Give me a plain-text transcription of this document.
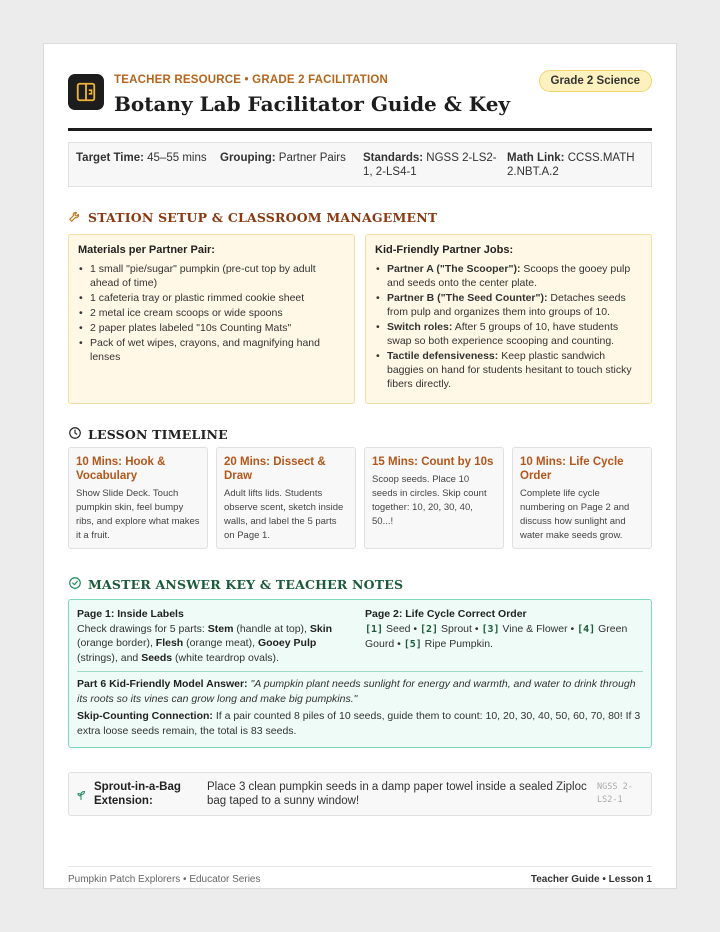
TEACHER RESOURCE • GRADE 2 FACILITATION
Botany Lab Facilitator Guide & Key
Grade 2 Science
Target Time: 45–55 mins	Grouping: Partner Pairs	Standards: NGSS 2-LS2-1, 2-LS4-1
Math Link: CCSS.MATH 2.NBT.A.2
STATION SETUP & CLASSROOM MANAGEMENT
Materials per Partner Pair:
• 1 small "pie/sugar" pumpkin (pre-cut top by adult ahead of time)
• 1 cafeteria tray or plastic rimmed cookie sheet
• 2 metal ice cream scoops or wide spoons
• 2 paper plates labeled "10s Counting Mats"
• Pack of wet wipes, crayons, and magnifying hand lenses
Kid-Friendly Partner Jobs:
• Partner A ("The Scooper"): Scoops the gooey pulp and seeds onto the center plate.
• Partner B ("The Seed Counter"): Detaches seeds from pulp and organizes them into groups of 10.
• Switch roles: After 5 groups of 10, have students swap so both experience scooping and counting.
• Tactile defensiveness: Keep plastic sandwich baggies on hand for students hesitant to touch sticky fibers directly.
LESSON TIMELINE
10 Mins: Hook & Vocabulary
Show Slide Deck. Touch pumpkin skin, feel bumpy ribs, and explore what makes it a fruit.
20 Mins: Dissect & Draw
Adult lifts lids. Students observe scent, sketch inside walls, and label the 5 parts on Page 1.
15 Mins: Count by 10s
Scoop seeds. Place 10 seeds in circles. Skip count together: 10, 20, 30, 40, 50...!
10 Mins: Life Cycle Order
Complete life cycle numbering on Page 2 and discuss how sunlight and water make seeds grow.
MASTER ANSWER KEY & TEACHER NOTES
Page 1: Inside Labels
Check drawings for 5 parts: Stem (handle at top), Skin (orange border), Flesh (orange meat), Gooey Pulp (strings), and Seeds (white teardrop ovals).
Page 2: Life Cycle Correct Order
[1] Seed • [2] Sprout • [3] Vine & Flower • [4] Green Gourd • [5] Ripe Pumpkin.
Part 6 Kid-Friendly Model Answer: "A pumpkin plant needs sunlight for energy and warmth, and water to drink through its roots so its vines can grow long and make big pumpkins."
Skip-Counting Connection: If a pair counted 8 piles of 10 seeds, guide them to count: 10, 20, 30, 40, 50, 60, 70, 80! If 3 extra loose seeds remain, the total is 83 seeds.
Sprout-in-a-Bag Extension:
Place 3 clean pumpkin seeds in a damp paper towel inside a sealed Ziploc bag taped to a sunny window!
NGSS 2-LS2-1
Pumpkin Patch Explorers • Educator Series	Teacher Guide • Lesson 1
